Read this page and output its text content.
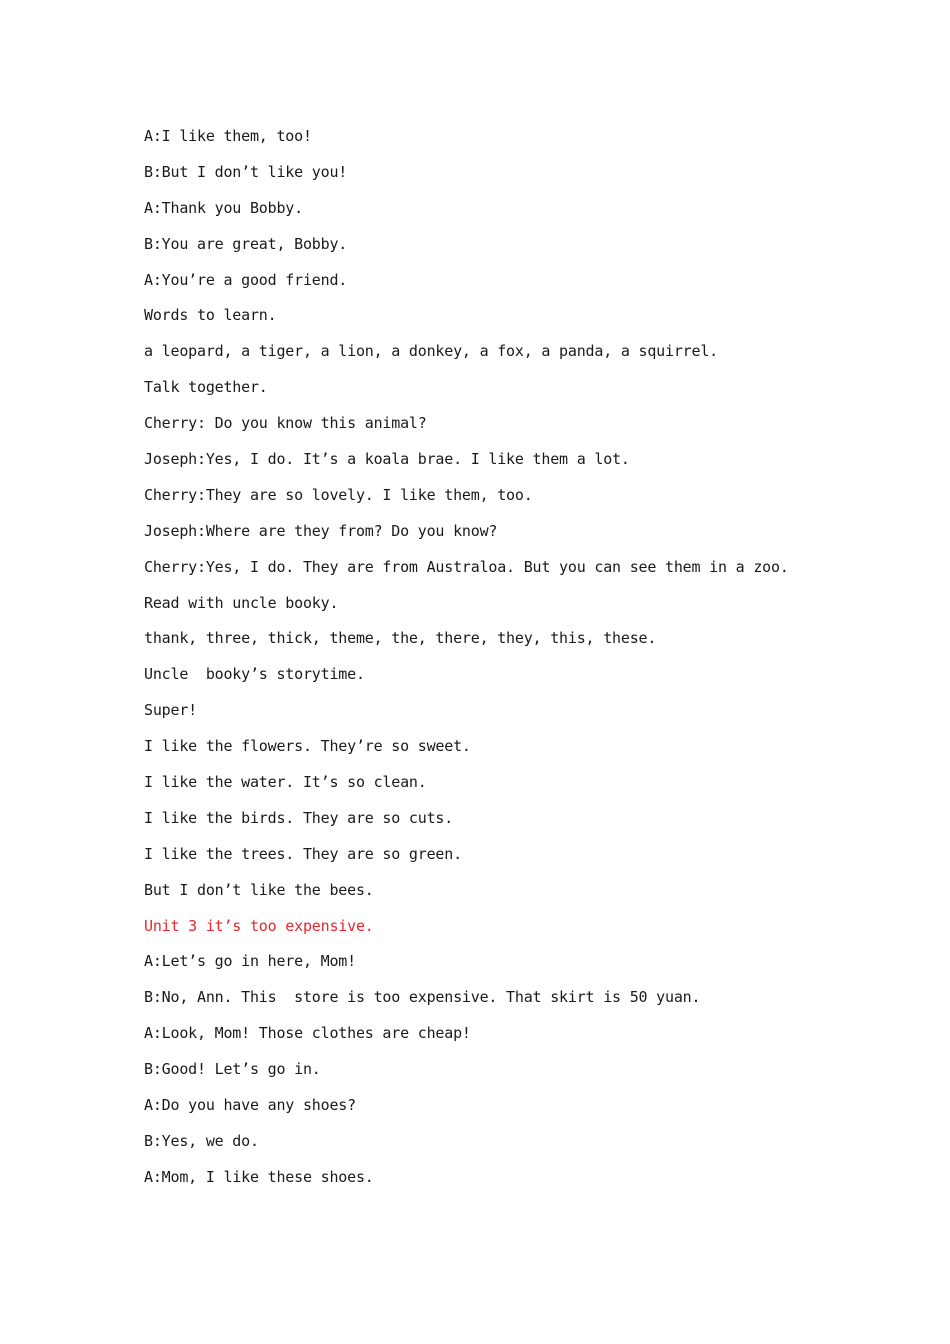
A:I like them, too!
B:But I don’t like you!
A:Thank you Bobby.
B:You are great, Bobby.
A:You’re a good friend.
Words to learn.
a leopard, a tiger, a lion, a donkey, a fox, a panda, a squirrel.
Talk together.
Cherry: Do you know this animal?
Joseph:Yes, I do. It’s a koala brae. I like them a lot.
Cherry:They are so lovely. I like them, too.
Joseph:Where are they from? Do you know?
Cherry:Yes, I do. They are from Australoa. But you can see them in a zoo.
Read with uncle booky.
thank, three, thick, theme, the, there, they, this, these.
Uncle  booky’s storytime.
Super!
I like the flowers. They’re so sweet.
I like the water. It’s so clean.
I like the birds. They are so cuts.
I like the trees. They are so green.
But I don’t like the bees.
Unit 3 it’s too expensive.
A:Let’s go in here, Mom!
B:No, Ann. This  store is too expensive. That skirt is 50 yuan.
A:Look, Mom! Those clothes are cheap!
B:Good! Let’s go in.
A:Do you have any shoes?
B:Yes, we do.
A:Mom, I like these shoes.
